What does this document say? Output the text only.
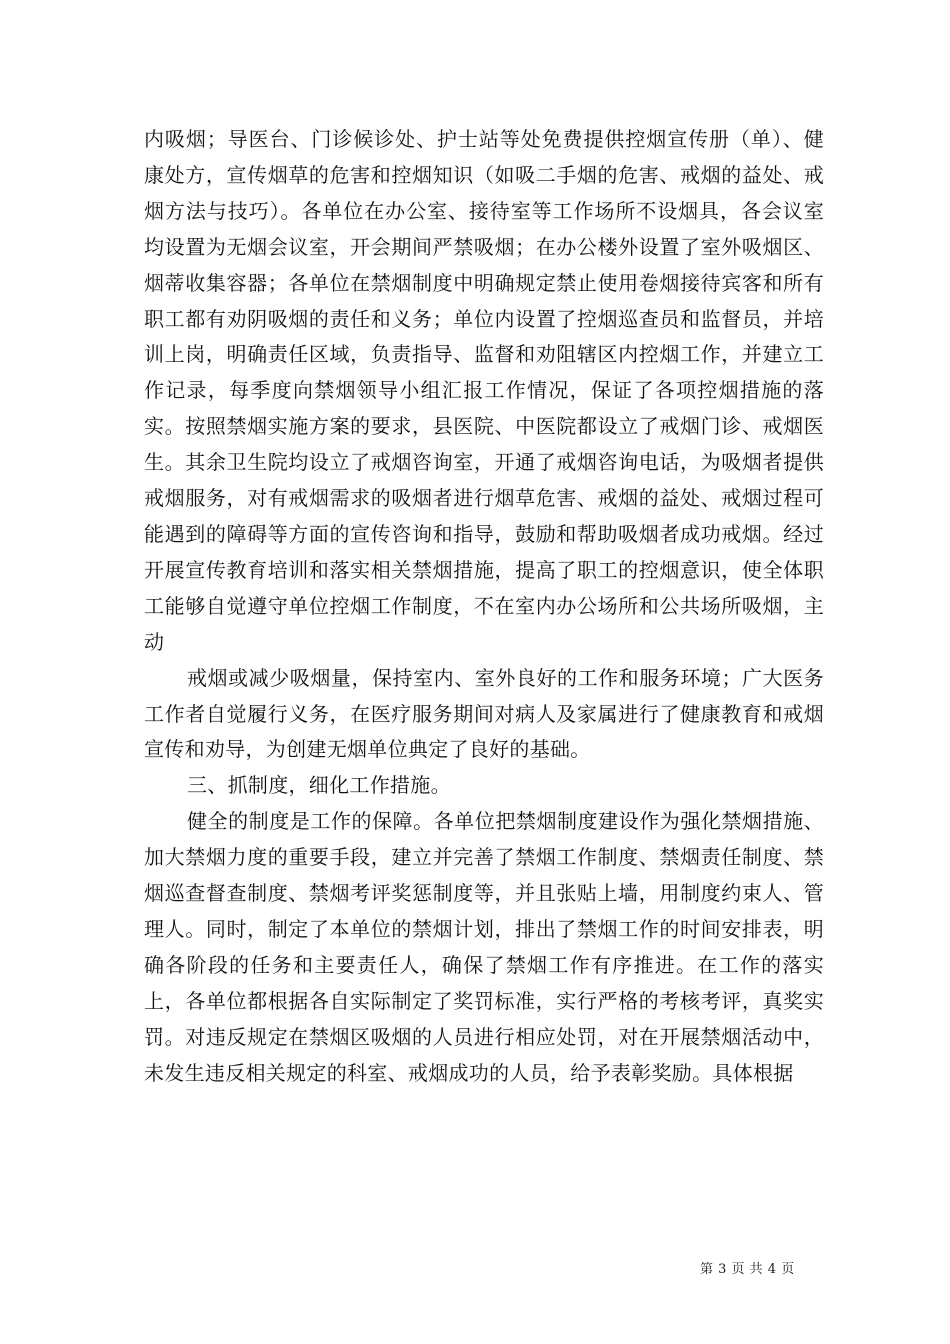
内吸烟；导医台、门诊候诊处、护士站等处免费提供控烟宣传册（单）、健康处方，宣传烟草的危害和控烟知识（如吸二手烟的危害、戒烟的益处、戒烟方法与技巧）。各单位在办公室、接待室等工作场所不设烟具，各会议室均设置为无烟会议室，开会期间严禁吸烟；在办公楼外设置了室外吸烟区、烟蒂收集容器；各单位在禁烟制度中明确规定禁止使用卷烟接待宾客和所有职工都有劝阴吸烟的责任和义务；单位内设置了控烟巡查员和监督员，并培训上岗，明确责任区域，负责指导、监督和劝阻辖区内控烟工作，并建立工作记录，每季度向禁烟领导小组汇报工作情况，保证了各项控烟措施的落实。按照禁烟实施方案的要求，县医院、中医院都设立了戒烟门诊、戒烟医生。其余卫生院均设立了戒烟咨询室，开通了戒烟咨询电话，为吸烟者提供戒烟服务，对有戒烟需求的吸烟者进行烟草危害、戒烟的益处、戒烟过程可能遇到的障碍等方面的宣传咨询和指导，鼓励和帮助吸烟者成功戒烟。经过开展宣传教育培训和落实相关禁烟措施，提高了职工的控烟意识，使全体职工能够自觉遵守单位控烟工作制度，不在室内办公场所和公共场所吸烟，主动

戒烟或减少吸烟量，保持室内、室外良好的工作和服务环境；广大医务工作者自觉履行义务，在医疗服务期间对病人及家属进行了健康教育和戒烟宣传和劝导，为创建无烟单位典定了良好的基础。

三、抓制度，细化工作措施。

健全的制度是工作的保障。各单位把禁烟制度建设作为强化禁烟措施、加大禁烟力度的重要手段，建立并完善了禁烟工作制度、禁烟责任制度、禁烟巡查督查制度、禁烟考评奖惩制度等，并且张贴上墙，用制度约束人、管理人。同时，制定了本单位的禁烟计划，排出了禁烟工作的时间安排表，明确各阶段的任务和主要责任人，确保了禁烟工作有序推进。在工作的落实上，各单位都根据各自实际制定了奖罚标准，实行严格的考核考评，真奖实罚。对违反规定在禁烟区吸烟的人员进行相应处罚，对在开展禁烟活动中，未发生违反相关规定的科室、戒烟成功的人员，给予表彰奖励。具体根据

第 3 页 共 4 页
